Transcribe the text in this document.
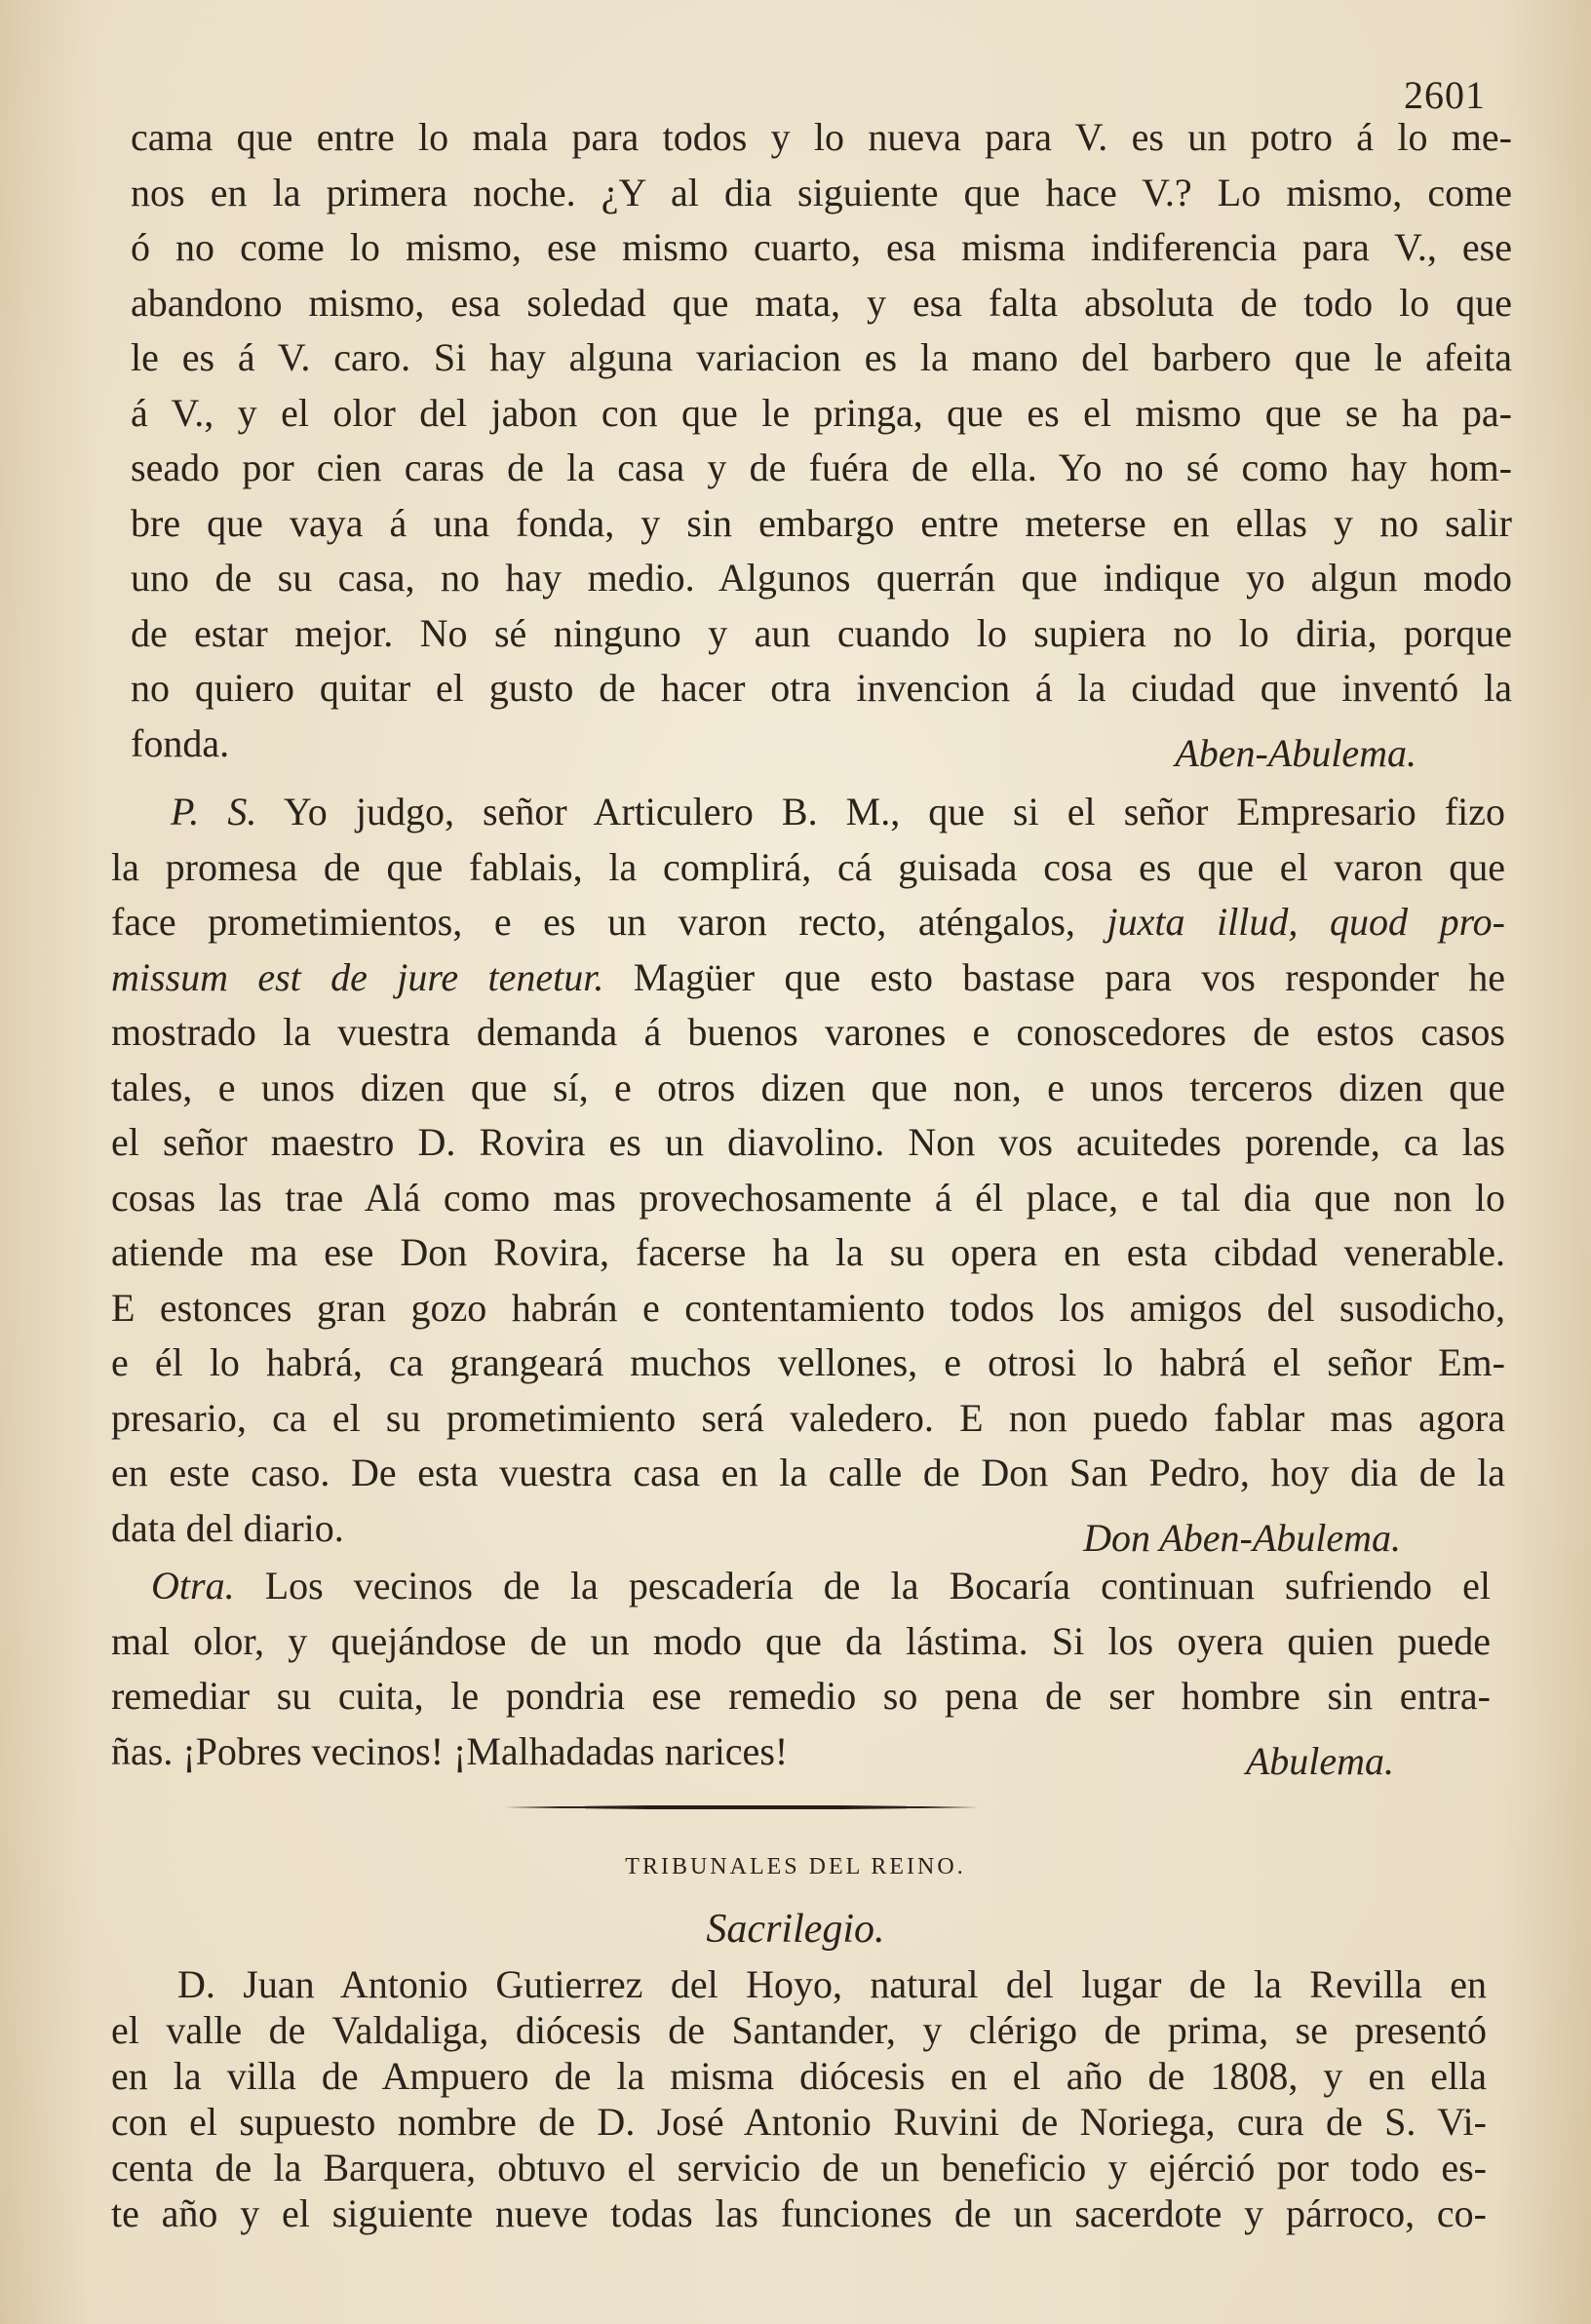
2601
cama que entre lo mala para todos y lo nueva para V. es un potro á lo me-
nos en la primera noche. ¿Y al dia siguiente que hace V.? Lo mismo, come
ó no come lo mismo, ese mismo cuarto, esa misma indiferencia para V., ese
abandono mismo, esa soledad que mata, y esa falta absoluta de todo lo que
le es á V. caro. Si hay alguna variacion es la mano del barbero que le afeita
á V., y el olor del jabon con que le pringa, que es el mismo que se ha pa-
seado por cien caras de la casa y de fuéra de ella. Yo no sé como hay hom-
bre que vaya á una fonda, y sin embargo entre meterse en ellas y no salir
uno de su casa, no hay medio. Algunos querrán que indique yo algun modo
de estar mejor. No sé ninguno y aun cuando lo supiera no lo diria, porque
no quiero quitar el gusto de hacer otra invencion á la ciudad que inventó la
fonda.	Aben-Abulema.
P. S. Yo judgo, señor Articulero B. M., que si el señor Empresario fizo
la promesa de que fablais, la complirá, cá guisada cosa es que el varon que
face prometimientos, e es un varon recto, aténgalos, juxta illud, quod pro-
missum est de jure tenetur. Magüer que esto bastase para vos responder he
mostrado la vuestra demanda á buenos varones e conoscedores de estos casos
tales, e unos dizen que sí, e otros dizen que non, e unos terceros dizen que
el señor maestro D. Rovira es un diavolino. Non vos acuitedes porende, ca las
cosas las trae Alá como mas provechosamente á él place, e tal dia que non lo
atiende ma ese Don Rovira, facerse ha la su opera en esta cibdad venerable.
E estonces gran gozo habrán e contentamiento todos los amigos del susodicho,
e él lo habrá, ca grangeará muchos vellones, e otrosi lo habrá el señor Em-
presario, ca el su prometimiento será valedero. E non puedo fablar mas agora
en este caso. De esta vuestra casa en la calle de Don San Pedro, hoy dia de la
data del diario.	Don Aben-Abulema.
Otra. Los vecinos de la pescadería de la Bocaría continuan sufriendo el
mal olor, y quejándose de un modo que da lástima. Si los oyera quien puede
remediar su cuita, le pondria ese remedio so pena de ser hombre sin entra-
ñas. ¡Pobres vecinos! ¡Malhadadas narices!	Abulema.
TRIBUNALES DEL REINO.
Sacrilegio.
D. Juan Antonio Gutierrez del Hoyo, natural del lugar de la Revilla en
el valle de Valdaliga, diócesis de Santander, y clérigo de prima, se presentó
en la villa de Ampuero de la misma diócesis en el año de 1808, y en ella
con el supuesto nombre de D. José Antonio Ruvini de Noriega, cura de S. Vi-
centa de la Barquera, obtuvo el servicio de un beneficio y ejérció por todo es-
te año y el siguiente nueve todas las funciones de un sacerdote y párroco, co-
